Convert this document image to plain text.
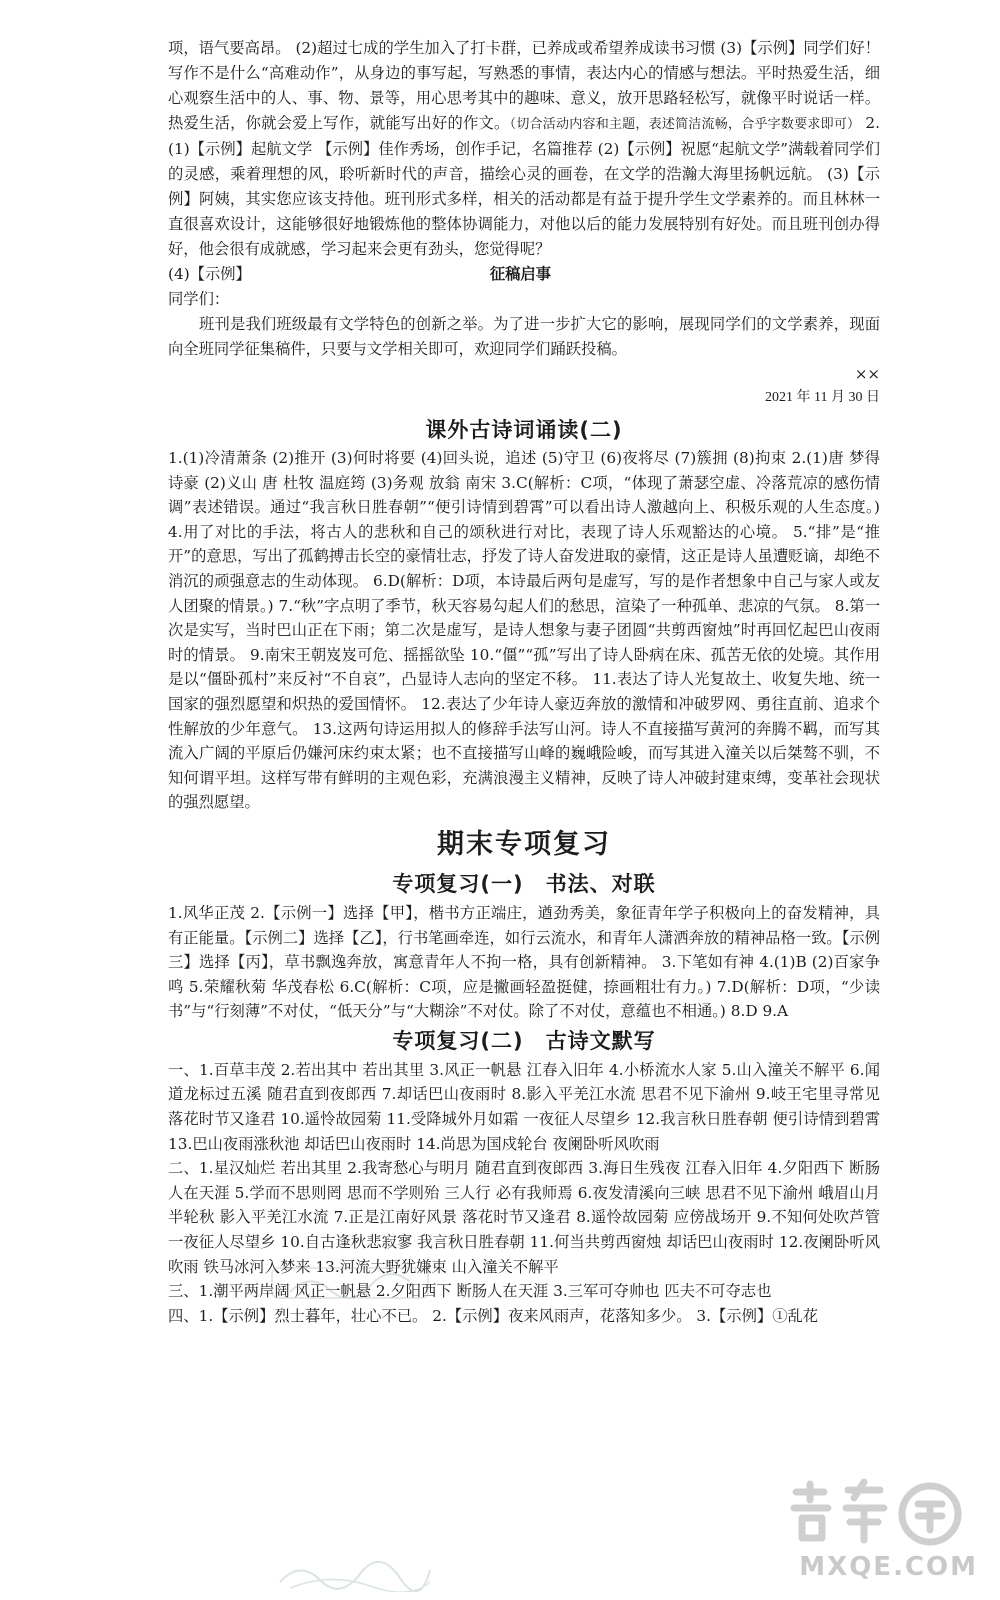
项，语气要高昂。 (2)超过七成的学生加入了打卡群，已养成或希望养成读书习惯 (3)【示例】同学们好！写作不是什么“高难动作”，从身边的事写起，写熟悉的事情，表达内心的情感与想法。平时热爱生活，细心观察生活中的人、事、物、景等，用心思考其中的趣味、意义，放开思路轻松写，就像平时说话一样。热爱生活，你就会爱上写作，就能写出好的作文。（切合活动内容和主题，表述简洁流畅，合乎字数要求即可） 2.(1)【示例】起航文学 【示例】佳作秀场，创作手记，名篇推荐 (2)【示例】祝愿“起航文学”满载着同学们的灵感，乘着理想的风，聆听新时代的声音，描绘心灵的画卷，在文学的浩瀚大海里扬帆远航。 (3)【示例】阿姨，其实您应该支持他。班刊形式多样，相关的活动都是有益于提升学生文学素养的。而且林林一直很喜欢设计，这能够很好地锻炼他的整体协调能力，对他以后的能力发展特别有好处。而且班刊创办得好，他会很有成就感，学习起来会更有劲头，您觉得呢？

(4)【示例】	征稿启事

同学们：

班刊是我们班级最有文学特色的创新之举。为了进一步扩大它的影响，展现同学们的文学素养，现面向全班同学征集稿件，只要与文学相关即可，欢迎同学们踊跃投稿。

××

2021 年 11 月 30 日

课外古诗词诵读(二)

1.(1)冷清萧条 (2)推开 (3)何时将要 (4)回头说，追述 (5)守卫 (6)夜将尽 (7)簇拥 (8)拘束 2.(1)唐 梦得 诗豪 (2)义山 唐 杜牧 温庭筠 (3)务观 放翁 南宋 3.C(解析：C项，“体现了萧瑟空虚、冷落荒凉的感伤情调”表述错误。通过“我言秋日胜春朝”“便引诗情到碧霄”可以看出诗人激越向上、积极乐观的人生态度。) 4.用了对比的手法，将古人的悲秋和自己的颂秋进行对比，表现了诗人乐观豁达的心境。 5.“排”是“推开”的意思，写出了孤鹤搏击长空的豪情壮志，抒发了诗人奋发进取的豪情，这正是诗人虽遭贬谪，却绝不消沉的顽强意志的生动体现。 6.D(解析：D项，本诗最后两句是虚写，写的是作者想象中自己与家人或友人团聚的情景。) 7.“秋”字点明了季节，秋天容易勾起人们的愁思，渲染了一种孤单、悲凉的气氛。 8.第一次是实写，当时巴山正在下雨；第二次是虚写，是诗人想象与妻子团圆“共剪西窗烛”时再回忆起巴山夜雨时的情景。 9.南宋王朝岌岌可危、摇摇欲坠 10.“僵”“孤”写出了诗人卧病在床、孤苦无依的处境。其作用是以“僵卧孤村”来反衬“不自哀”，凸显诗人志向的坚定不移。 11.表达了诗人光复故土、收复失地、统一国家的强烈愿望和炽热的爱国情怀。 12.表达了少年诗人豪迈奔放的激情和冲破罗网、勇往直前、追求个性解放的少年意气。 13.这两句诗运用拟人的修辞手法写山河。诗人不直接描写黄河的奔腾不羁，而写其流入广阔的平原后仍嫌河床约束太紧；也不直接描写山峰的巍峨险峻，而写其进入潼关以后桀骜不驯，不知何谓平坦。这样写带有鲜明的主观色彩，充满浪漫主义精神，反映了诗人冲破封建束缚，变革社会现状的强烈愿望。

期末专项复习
专项复习(一)　书法、对联

1.风华正茂 2.【示例一】选择【甲】，楷书方正端庄，遒劲秀美，象征青年学子积极向上的奋发精神，具有正能量。【示例二】选择【乙】，行书笔画牵连，如行云流水，和青年人潇洒奔放的精神品格一致。【示例三】选择【丙】，草书飘逸奔放，寓意青年人不拘一格，具有创新精神。 3.下笔如有神 4.(1)B (2)百家争鸣 5.荣耀秋菊 华茂春松 6.C(解析：C项，应是撇画轻盈挺健，捺画粗壮有力。) 7.D(解析：D项，“少读书”与“行刻薄”不对仗，“低天分”与“大糊涂”不对仗。除了不对仗，意蕴也不相通。) 8.D 9.A

专项复习(二)　古诗文默写

一、1.百草丰茂 2.若出其中 若出其里 3.风正一帆悬 江春入旧年 4.小桥流水人家 5.山入潼关不解平 6.闻道龙标过五溪 随君直到夜郎西 7.却话巴山夜雨时 8.影入平羌江水流 思君不见下渝州 9.岐王宅里寻常见 落花时节又逢君 10.遥怜故园菊 11.受降城外月如霜 一夜征人尽望乡 12.我言秋日胜春朝 便引诗情到碧霄 13.巴山夜雨涨秋池 却话巴山夜雨时 14.尚思为国戍轮台 夜阑卧听风吹雨

二、1.星汉灿烂 若出其里 2.我寄愁心与明月 随君直到夜郎西 3.海日生残夜 江春入旧年 4.夕阳西下 断肠人在天涯 5.学而不思则罔 思而不学则殆 三人行 必有我师焉 6.夜发清溪向三峡 思君不见下渝州 峨眉山月半轮秋 影入平羌江水流 7.正是江南好风景 落花时节又逢君 8.遥怜故园菊 应傍战场开 9.不知何处吹芦管 一夜征人尽望乡 10.自古逢秋悲寂寥 我言秋日胜春朝 11.何当共剪西窗烛 却话巴山夜雨时 12.夜阑卧听风吹雨 铁马冰河入梦来 13.河流大野犹嫌束 山入潼关不解平

三、1.潮平两岸阔 风正一帆悬 2.夕阳西下 断肠人在天涯 3.三军可夺帅也 匹夫不可夺志也

四、1.【示例】烈士暮年，壮心不已。 2.【示例】夜来风雨声，花落知多少。 3.【示例】①乱花

MXQE.COM
